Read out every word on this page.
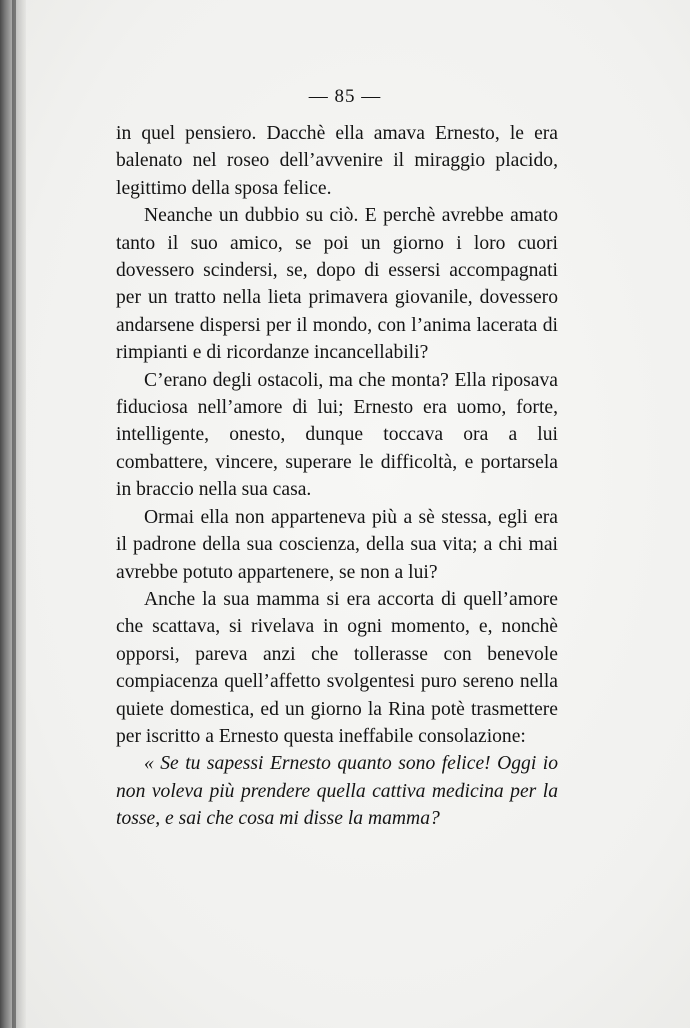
— 85 —

in quel pensiero. Dacchè ella amava Ernesto, le era balenato nel roseo dell’avvenire il miraggio placido, legittimo della sposa felice.

Neanche un dubbio su ciò. E perchè avrebbe amato tanto il suo amico, se poi un giorno i loro cuori dovessero scindersi, se, dopo di essersi accompagnati per un tratto nella lieta primavera giovanile, dovessero andarsene dispersi per il mondo, con l’anima lacerata di rimpianti e di ricordanze incancellabili?

C’erano degli ostacoli, ma che monta? Ella riposava fiduciosa nell’amore di lui; Ernesto era uomo, forte, intelligente, onesto, dunque toccava ora a lui combattere, vincere, superare le difficoltà, e portarsela in braccio nella sua casa.

Ormai ella non apparteneva più a sè stessa, egli era il padrone della sua coscienza, della sua vita; a chi mai avrebbe potuto appartenere, se non a lui?

Anche la sua mamma si era accorta di quell’amore che scattava, si rivelava in ogni momento, e, nonchè opporsi, pareva anzi che tollerasse con benevole compiacenza quell’affetto svolgentesi puro sereno nella quiete domestica, ed un giorno la Rina potè trasmettere per iscritto a Ernesto questa ineffabile consolazione:

« Se tu sapessi Ernesto quanto sono felice! Oggi io non voleva più prendere quella cattiva medicina per la tosse, e sai che cosa mi disse la mamma?
